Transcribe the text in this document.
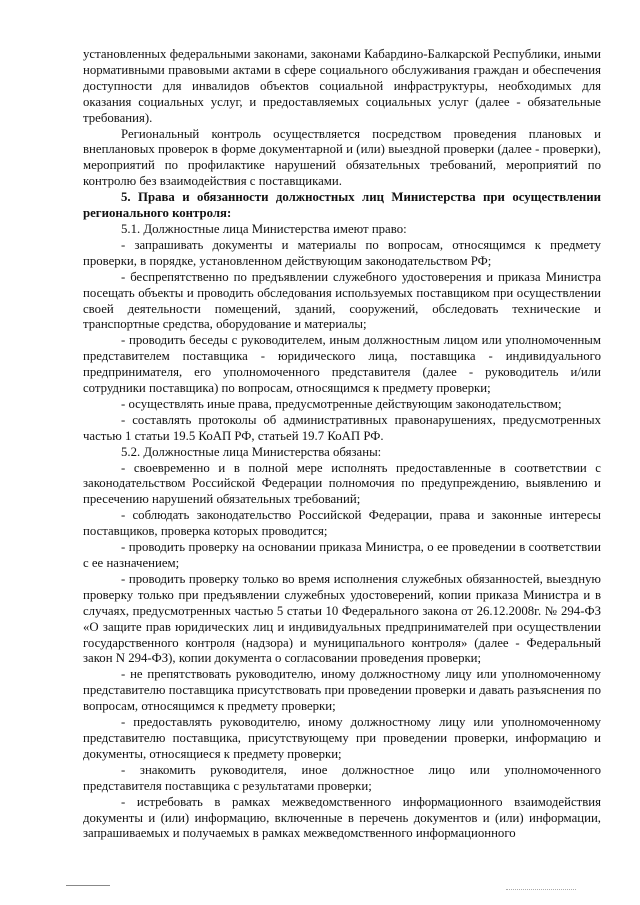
установленных федеральными законами, законами Кабардино-Балкарской Республики, иными нормативными правовыми актами в сфере социального обслуживания граждан и обеспечения доступности для инвалидов объектов социальной инфраструктуры, необходимых для оказания социальных услуг, и предоставляемых социальных услуг (далее - обязательные требования).

Региональный контроль осуществляется посредством проведения плановых и внеплановых проверок в форме документарной и (или) выездной проверки (далее - проверки), мероприятий по профилактике нарушений обязательных требований, мероприятий по контролю без взаимодействия с поставщиками.

5. Права и обязанности должностных лиц Министерства при осуществлении регионального контроля:

5.1. Должностные лица Министерства имеют право:

- запрашивать документы и материалы по вопросам, относящимся к предмету проверки, в порядке, установленном действующим законодательством РФ;

- беспрепятственно по предъявлении служебного удостоверения и приказа Министра посещать объекты и проводить обследования используемых поставщиком при осуществлении своей деятельности помещений, зданий, сооружений, обследовать технические и транспортные средства, оборудование и материалы;

- проводить беседы с руководителем, иным должностным лицом или уполномоченным представителем поставщика - юридического лица, поставщика - индивидуального предпринимателя, его уполномоченного представителя (далее - руководитель и/или сотрудники поставщика) по вопросам, относящимся к предмету проверки;

- осуществлять иные права, предусмотренные действующим законодательством;

- составлять протоколы об административных правонарушениях, предусмотренных частью 1 статьи 19.5 КоАП РФ, статьей 19.7 КоАП РФ.

5.2. Должностные лица Министерства обязаны:

- своевременно и в полной мере исполнять предоставленные в соответствии с законодательством Российской Федерации полномочия по предупреждению, выявлению и пресечению нарушений обязательных требований;

- соблюдать законодательство Российской Федерации, права и законные интересы поставщиков, проверка которых проводится;

- проводить проверку на основании приказа Министра, о ее проведении в соответствии с ее назначением;

- проводить проверку только во время исполнения служебных обязанностей, выездную проверку только при предъявлении служебных удостоверений, копии приказа Министра и в случаях, предусмотренных частью 5 статьи 10 Федерального закона от 26.12.2008г. № 294-ФЗ «О защите прав юридических лиц и индивидуальных предпринимателей при осуществлении государственного контроля (надзора) и муниципального контроля» (далее - Федеральный закон N 294-ФЗ), копии документа о согласовании проведения проверки;

- не препятствовать руководителю, иному должностному лицу или уполномоченному представителю поставщика присутствовать при проведении проверки и давать разъяснения по вопросам, относящимся к предмету проверки;

- предоставлять руководителю, иному должностному лицу или уполномоченному представителю поставщика, присутствующему при проведении проверки, информацию и документы, относящиеся к предмету проверки;

- знакомить руководителя, иное должностное лицо или уполномоченного представителя поставщика с результатами проверки;

- истребовать в рамках межведомственного информационного взаимодействия документы и (или) информацию, включенные в перечень документов и (или) информации, запрашиваемых и получаемых в рамках межведомственного информационного
